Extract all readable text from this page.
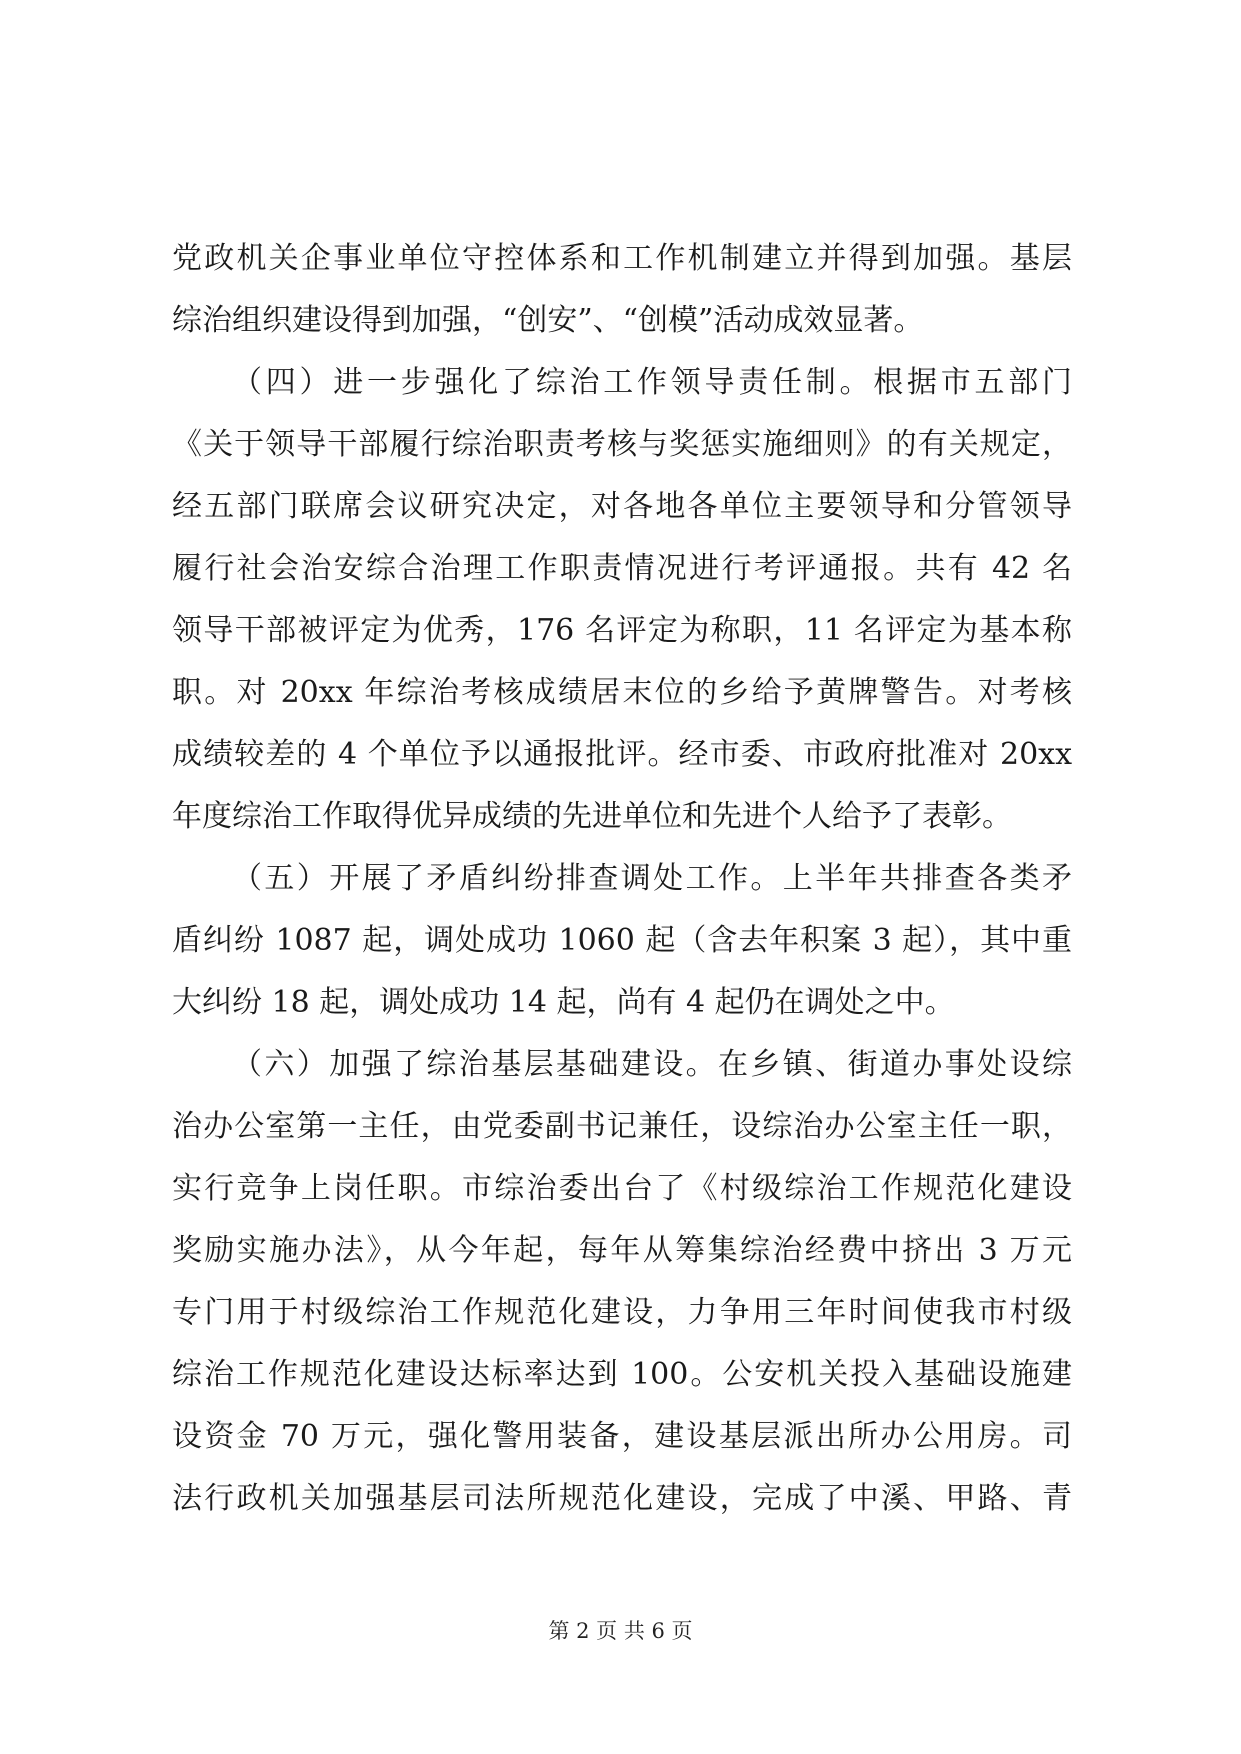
党政机关企事业单位守控体系和工作机制建立并得到加强。基层
综治组织建设得到加强，“创安”、“创模”活动成效显著。
（四）进一步强化了综治工作领导责任制。根据市五部门
《关于领导干部履行综治职责考核与奖惩实施细则》的有关规定，
经五部门联席会议研究决定，对各地各单位主要领导和分管领导
履行社会治安综合治理工作职责情况进行考评通报。共有 42 名
领导干部被评定为优秀，176 名评定为称职，11 名评定为基本称
职。对 20xx 年综治考核成绩居末位的乡给予黄牌警告。对考核
成绩较差的 4 个单位予以通报批评。经市委、市政府批准对 20xx
年度综治工作取得优异成绩的先进单位和先进个人给予了表彰。
（五）开展了矛盾纠纷排查调处工作。上半年共排查各类矛
盾纠纷 1087 起，调处成功 1060 起（含去年积案 3 起），其中重
大纠纷 18 起，调处成功 14 起，尚有 4 起仍在调处之中。
（六）加强了综治基层基础建设。在乡镇、街道办事处设综
治办公室第一主任，由党委副书记兼任，设综治办公室主任一职，
实行竞争上岗任职。市综治委出台了《村级综治工作规范化建设
奖励实施办法》，从今年起，每年从筹集综治经费中挤出 3 万元
专门用于村级综治工作规范化建设，力争用三年时间使我市村级
综治工作规范化建设达标率达到 100。公安机关投入基础设施建
设资金 70 万元，强化警用装备，建设基层派出所办公用房。司
法行政机关加强基层司法所规范化建设，完成了中溪、甲路、青
第 2 页 共 6 页
